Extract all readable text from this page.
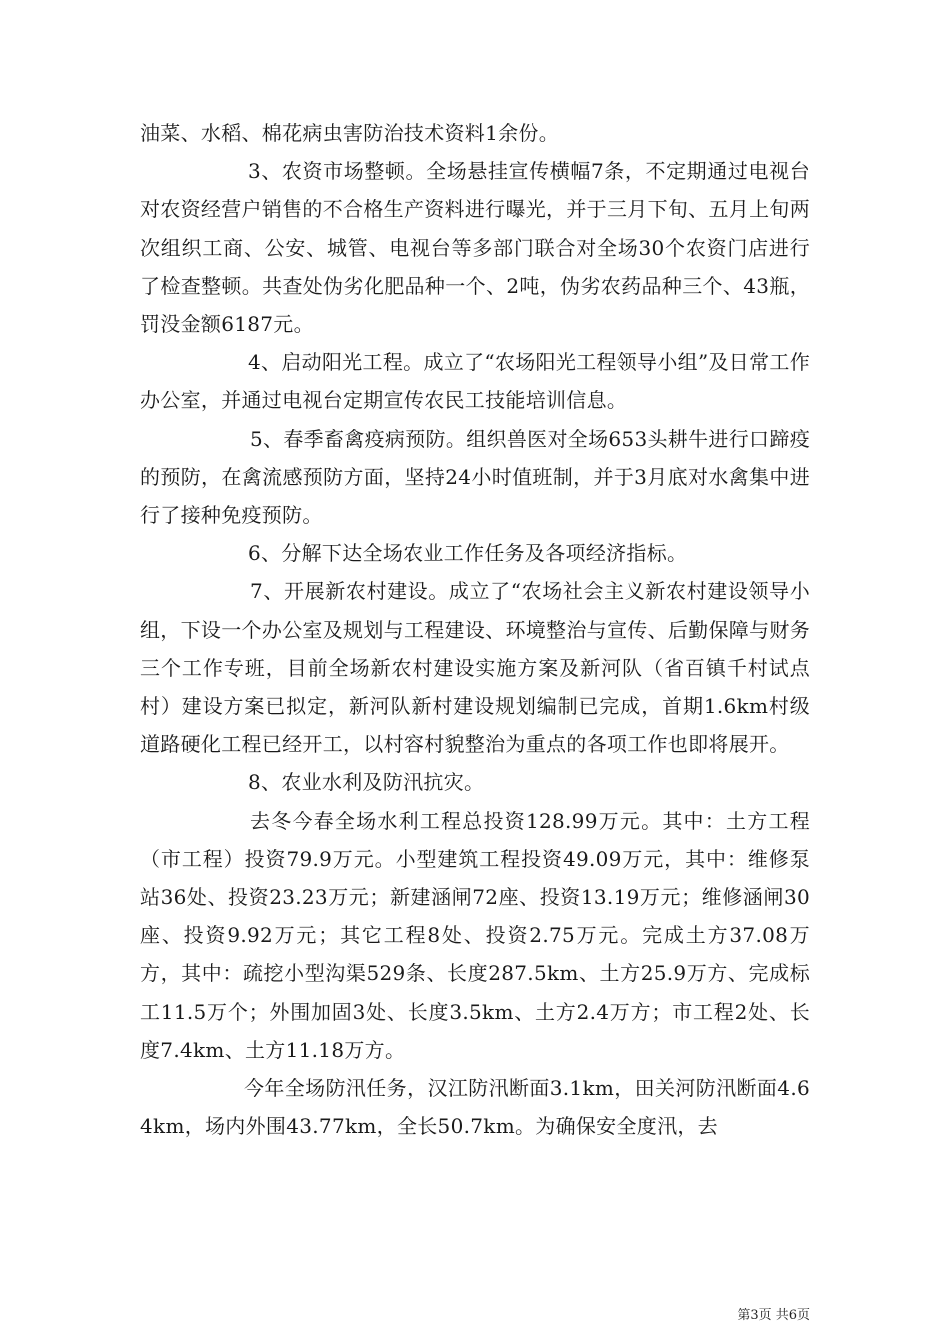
油菜、水稻、棉花病虫害防治技术资料1余份。

3、农资市场整顿。全场悬挂宣传横幅7条，不定期通过电视台对农资经营户销售的不合格生产资料进行曝光，并于三月下旬、五月上旬两次组织工商、公安、城管、电视台等多部门联合对全场30个农资门店进行了检查整顿。共查处伪劣化肥品种一个、2吨，伪劣农药品种三个、43瓶，罚没金额6187元。

4、启动阳光工程。成立了“农场阳光工程领导小组”及日常工作办公室，并通过电视台定期宣传农民工技能培训信息。

5、春季畜禽疫病预防。组织兽医对全场653头耕牛进行口蹄疫的预防，在禽流感预防方面，坚持24小时值班制，并于3月底对水禽集中进行了接种免疫预防。

6、分解下达全场农业工作任务及各项经济指标。

7、开展新农村建设。成立了“农场社会主义新农村建设领导小组，下设一个办公室及规划与工程建设、环境整治与宣传、后勤保障与财务三个工作专班，目前全场新农村建设实施方案及新河队（省百镇千村试点村）建设方案已拟定，新河队新村建设规划编制已完成，首期1.6km村级道路硬化工程已经开工，以村容村貌整治为重点的各项工作也即将展开。

8、农业水利及防汛抗灾。

去冬今春全场水利工程总投资128.99万元。其中：土方工程（市工程）投资79.9万元。小型建筑工程投资49.09万元，其中：维修泵站36处、投资23.23万元；新建涵闸72座、投资13.19万元；维修涵闸30座、投资9.92万元；其它工程8处、投资2.75万元。完成土方37.08万方，其中：疏挖小型沟渠529条、长度287.5km、土方25.9万方、完成标工11.5万个；外围加固3处、长度3.5km、土方2.4万方；市工程2处、长度7.4km、土方11.18万方。

今年全场防汛任务，汉江防汛断面3.1km，田关河防汛断面4.64km，场内外围43.77km，全长50.7km。为确保安全度汛，去

第3页 共6页
